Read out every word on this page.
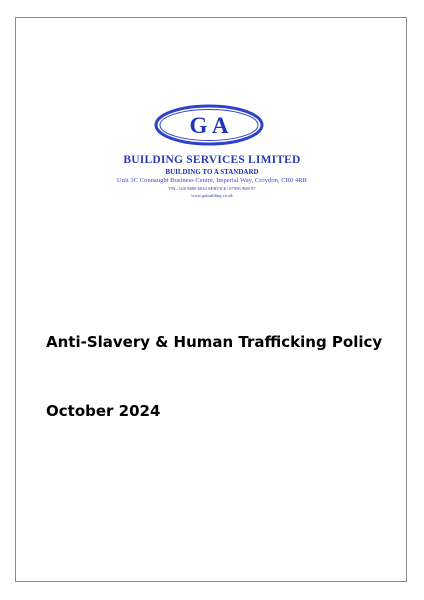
G A
BUILDING SERVICES LIMITED
BUILDING TO A STANDARD
Unit 3C Connaught Business Centre, Imperial Way, Croydon, CR0 4RR
TEL: 020 8680 6834 SERVICE: 07956 968197
www.gabuilding.co.uk
Anti-Slavery & Human Trafficking Policy
October 2024
